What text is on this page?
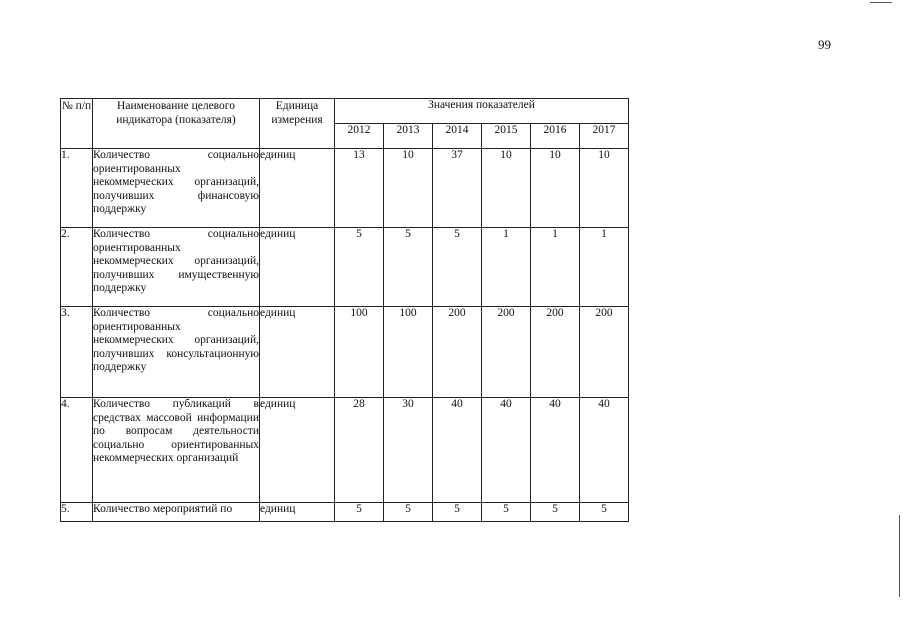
99
№ п/п	Наименование целевого индикатора (показателя)	Единица измерения	Значения показателей					
			2012	2013	2014	2015	2016	2017
1.	Количество социально ориентированных некоммерческих организаций, получивших финансовую поддержку	единиц	13	10	37	10	10	10
2.	Количество социально ориентированных некоммерческих организаций, получивших имущественную поддержку	единиц	5	5	5	1	1	1
3.	Количество социально ориентированных некоммерческих организаций, получивших консультационную поддержку	единиц	100	100	200	200	200	200
4.	Количество публикаций в средствах массовой информации по вопросам деятельности социально ориентированных некоммерческих организаций	единиц	28	30	40	40	40	40
5.	Количество мероприятий по	единиц	5	5	5	5	5	5
